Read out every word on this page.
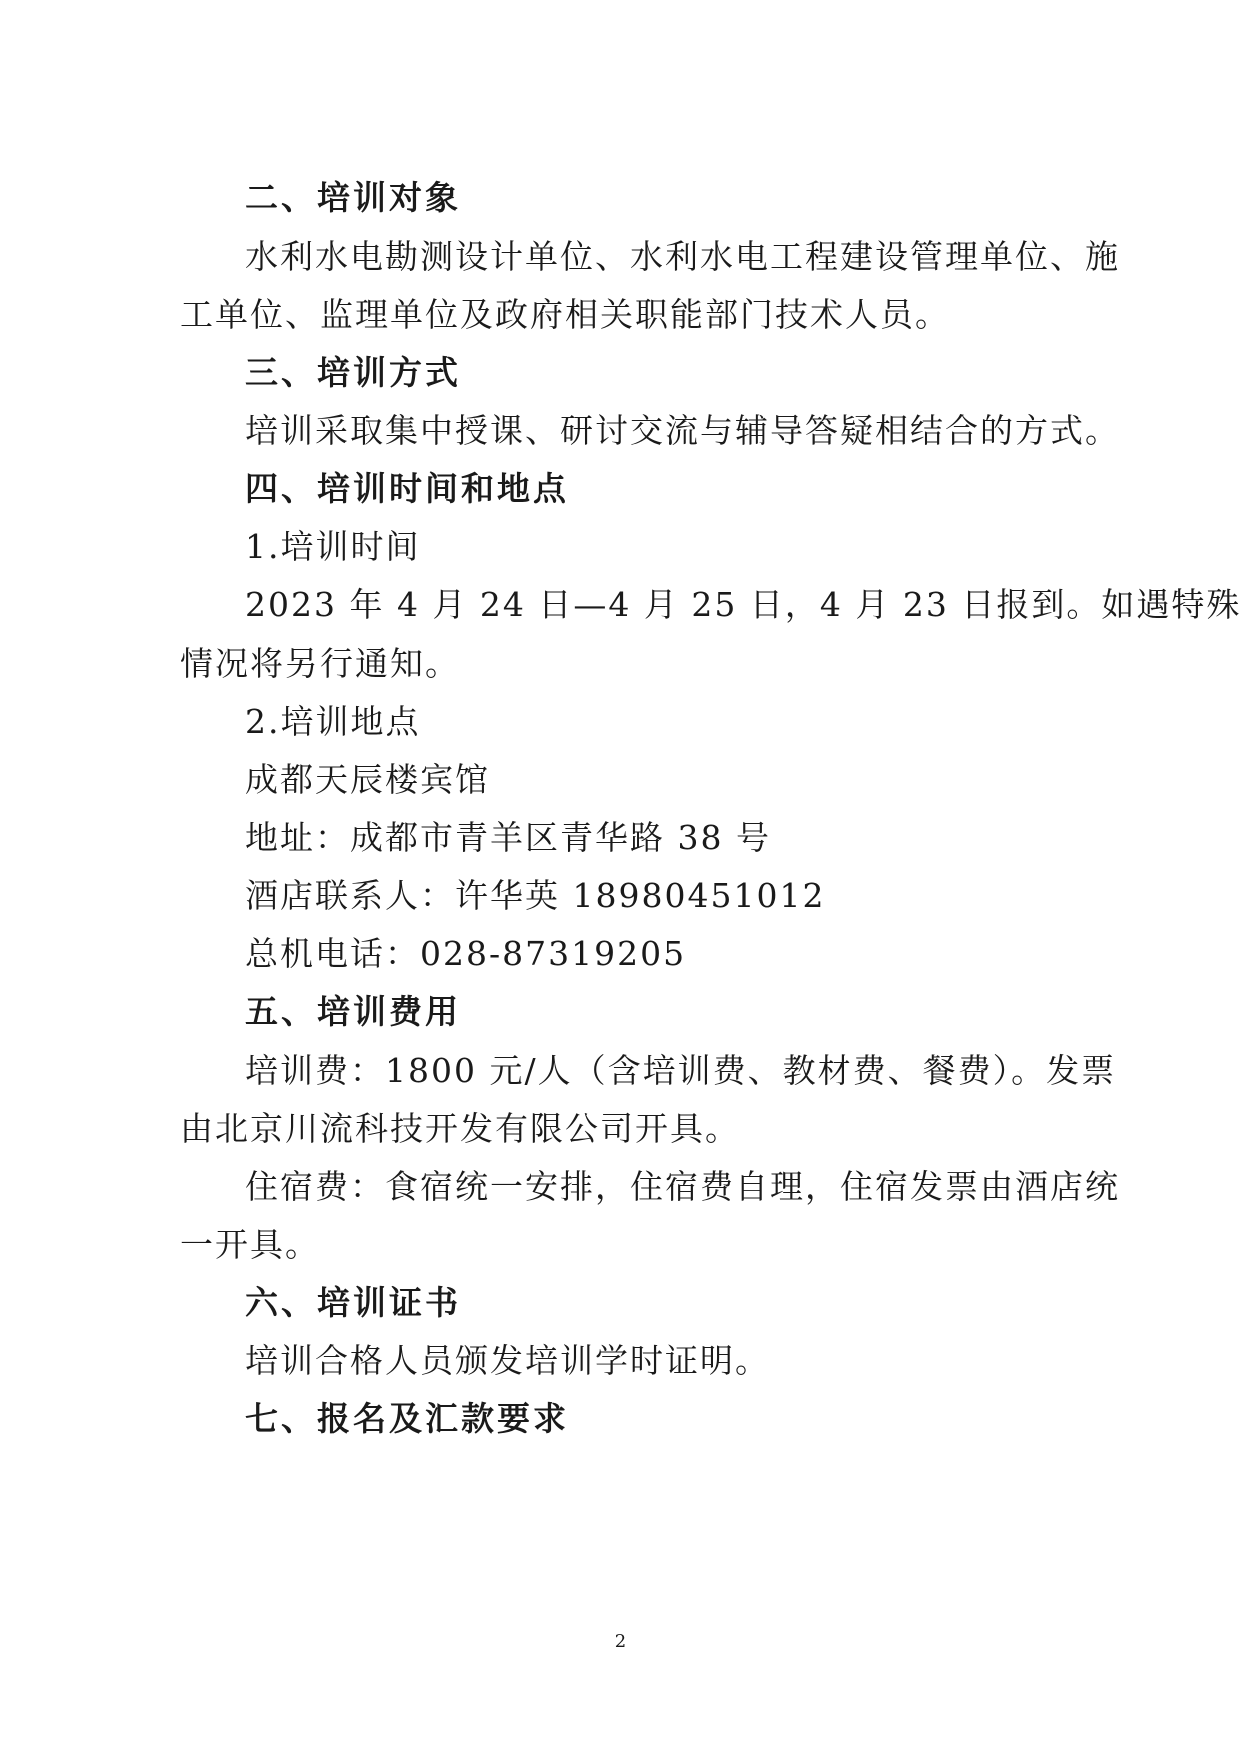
二、培训对象

水利水电勘测设计单位、水利水电工程建设管理单位、施

工单位、监理单位及政府相关职能部门技术人员。

三、培训方式

培训采取集中授课、研讨交流与辅导答疑相结合的方式。

四、培训时间和地点

1.培训时间

2023 年 4 月 24 日—4 月 25 日，4 月 23 日报到。如遇特殊

情况将另行通知。

2.培训地点

成都天辰楼宾馆

地址：成都市青羊区青华路 38 号

酒店联系人：许华英 18980451012

总机电话：028-87319205

五、培训费用

培训费：1800 元/人（含培训费、教材费、餐费）。发票

由北京川流科技开发有限公司开具。

住宿费：食宿统一安排，住宿费自理，住宿发票由酒店统

一开具。

六、培训证书

培训合格人员颁发培训学时证明。

七、报名及汇款要求

2
